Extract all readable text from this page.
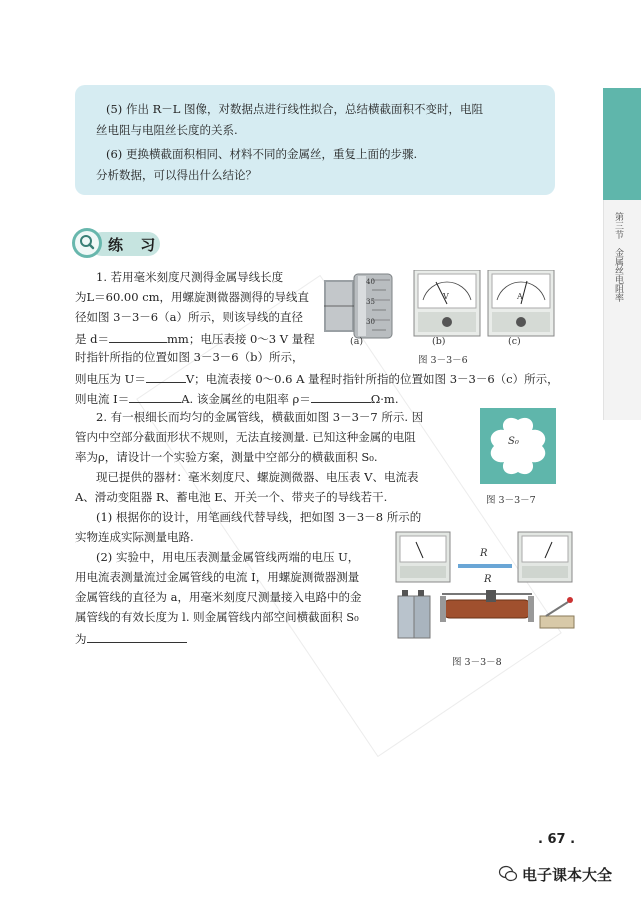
(5) 作出 R－L 图像，对数据点进行线性拟合，总结横截面积不变时，电阻
丝电阻与电阻丝长度的关系.
(6) 更换横截面积相同、材料不同的金属丝，重复上面的步骤.
分析数据，可以得出什么结论？
第三节
金属丝电阻率
练 习
1. 若用毫米刻度尺测得金属导线长度
为L＝60.00 cm，用螺旋测微器测得的导线直
径如图 3－3－6（a）所示，则该导线的直径
是 d＝	mm；电压表接 0～3 V 量程
时指针所指的位置如图 3－3－6（b）所示，
则电压为 U＝	V；电流表接 0～0.6 A 量程时指针所指的位置如图 3－3－6（c）所示，
则电流 I＝	A. 该金属丝的电阻率 ρ＝	Ω·m.
40
35
30
V	A
(a)	(b)	(c)
图 3－3－6
2. 有一根细长而均匀的金属管线，横截面如图 3－3－7 所示. 因
管内中空部分截面形状不规则，无法直接测量. 已知这种金属的电阻
率为ρ，请设计一个实验方案，测量中空部分的横截面积 S₀.
现已提供的器材：毫米刻度尺、螺旋测微器、电压表 V、电流表
A、滑动变阻器 R、蓄电池 E、开关一个、带夹子的导线若干.
(1) 根据你的设计，用笔画线代替导线，把如图 3－3－8 所示的
实物连成实际测量电路.
(2) 实验中，用电压表测量金属管线两端的电压 U，
用电流表测量流过金属管线的电流 I，用螺旋测微器测量
金属管线的直径为 a，用毫米刻度尺测量接入电路中的金
属管线的有效长度为 l. 则金属管线内部空间横截面积 S₀
为
S₀
图 3－3－7
R
R
图 3－3－8
. 67 .
电子课本大全
